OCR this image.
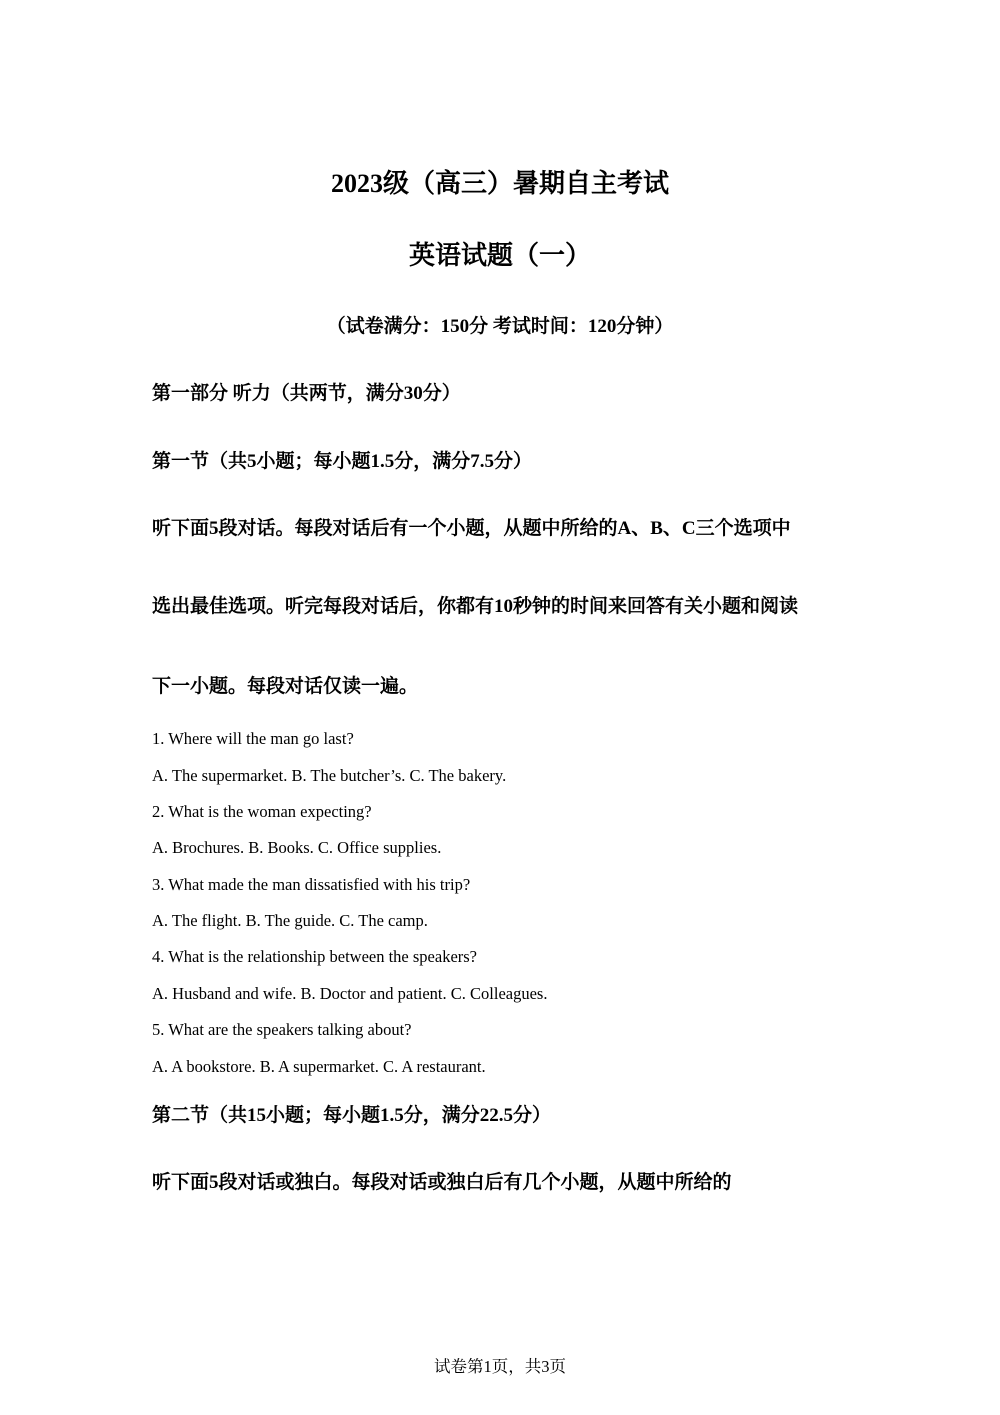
2023级（高三）暑期自主考试
英语试题（一）
（试卷满分：150分 考试时间：120分钟）
第一部分 听力（共两节，满分30分）
第一节（共5小题；每小题1.5分，满分7.5分）
听下面5段对话。每段对话后有一个小题，从题中所给的A、B、C三个选项中
选出最佳选项。听完每段对话后，你都有10秒钟的时间来回答有关小题和阅读
下一小题。每段对话仅读一遍。
1. Where will the man go last?
A. The supermarket. B. The butcher’s. C. The bakery.
2. What is the woman expecting?
A. Brochures. B. Books. C. Office supplies.
3. What made the man dissatisfied with his trip?
A. The flight. B. The guide. C. The camp.
4. What is the relationship between the speakers?
A. Husband and wife. B. Doctor and patient. C. Colleagues.
5. What are the speakers talking about?
A. A bookstore. B. A supermarket. C. A restaurant.
第二节（共15小题；每小题1.5分，满分22.5分）
听下面5段对话或独白。每段对话或独白后有几个小题，从题中所给的
试卷第1页，共3页
